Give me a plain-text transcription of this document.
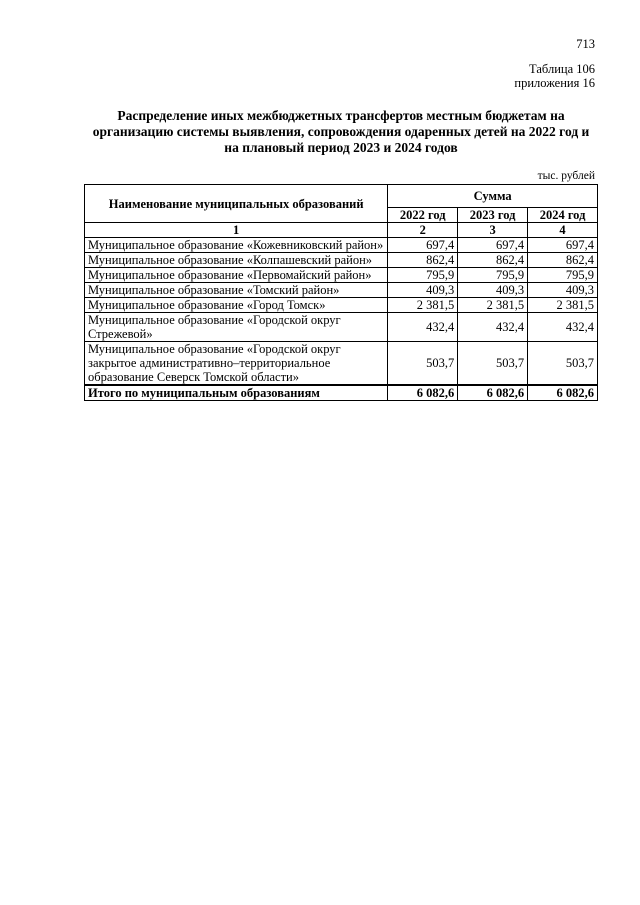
713
Таблица 106
приложения 16
Распределение иных межбюджетных трансфертов местным бюджетам на организацию системы выявления, сопровождения одаренных детей на 2022 год и на плановый период 2023 и 2024 годов
тыс. рублей
Наименование муниципальных образований	Сумма		
	2022 год	2023 год	2024 год
1	2	3	4
Муниципальное образование «Кожевниковский район»	697,4	697,4	697,4
Муниципальное образование «Колпашевский район»	862,4	862,4	862,4
Муниципальное образование «Первомайский район»	795,9	795,9	795,9
Муниципальное образование «Томский район»	409,3	409,3	409,3
Муниципальное образование «Город Томск»	2 381,5	2 381,5	2 381,5
Муниципальное образование «Городской округ Стрежевой»	432,4	432,4	432,4
Муниципальное образование «Городской округ закрытое административно–территориальное образование Северск Томской области»	503,7	503,7	503,7
Итого по муниципальным образованиям	6 082,6	6 082,6	6 082,6
